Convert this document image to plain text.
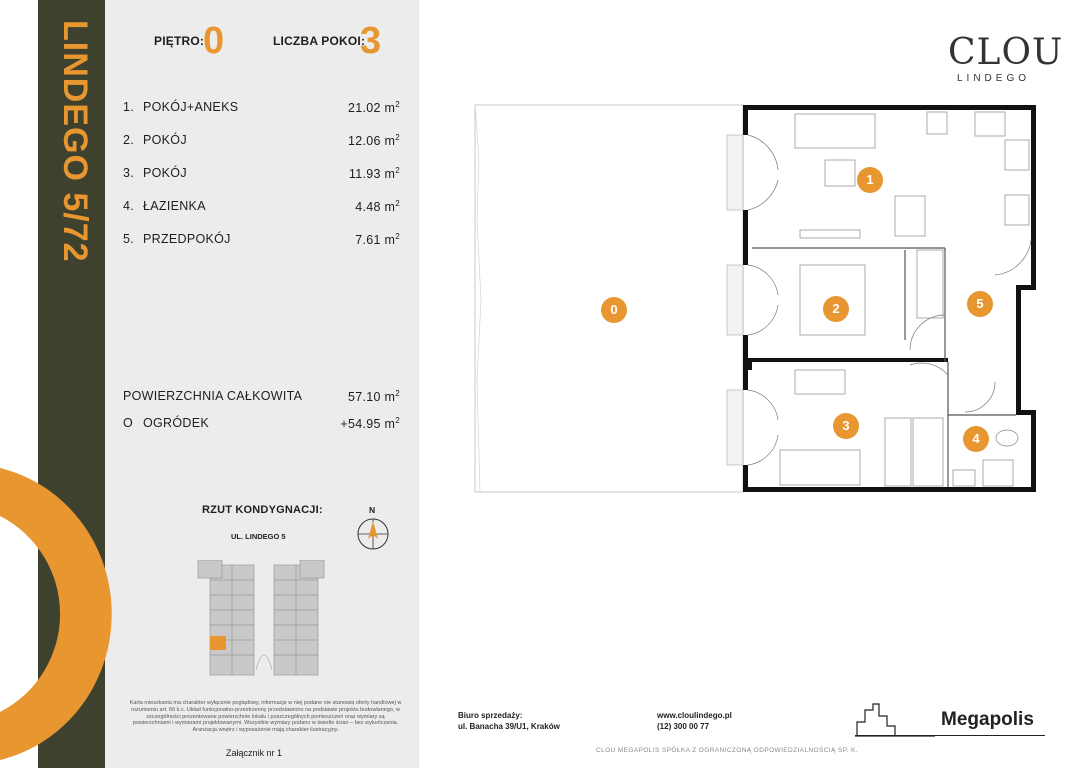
LINDEGO 5/72	PIĘTRO:
0	LICZBA POKOI:
3
1. POKÓJ+ANEKS	21.02 $m^2$
2. POKÓJ	12.06 $m^2$
3. POKÓJ	11.93 $m^2$
4. ŁAZIENKA	4.48 $m^2$
5. PRZEDPOKÓJ	7.61 $m^2$
POWIERZCHNIA CAŁKOWITA	57.10 $m^2$
O OGRÓDEK	+54.95 $m^2$
RZUT KONDYGNACJI:
UL. LINDEGO 5
N
Karta mieszkania ma charakter wyłącznie poglądowy, informacje w niej podane nie stanowią oferty handlowej w rozumieniu art. 66 k.c. Układ funkcjonalno-przestrzenny przedstawiono na podstawie projektu budowlanego, w szczególności prezentowane powierzchnie lokalu i poszczególnych pomieszczeń oraz wymiary są powierzchniami i wymiarami projektowanymi. Wszystkie wymiary podano w świetle ścian – bez wykończenia. Aranżacja wnętrz i wyposażenie mają charakter ilustracyjny.
Załącznik nr 1
CLOU
LINDEGO
0
1
2
3
4
5
Biuro sprzedaży:
ul. Banacha 39/U1, Kraków
www.cloulindego.pl
(12) 300 00 77
CLOU MEGAPOLIS SPÓŁKA Z OGRANICZONĄ ODPOWIEDZIALNOŚCIĄ SP. K.
Megapolis
